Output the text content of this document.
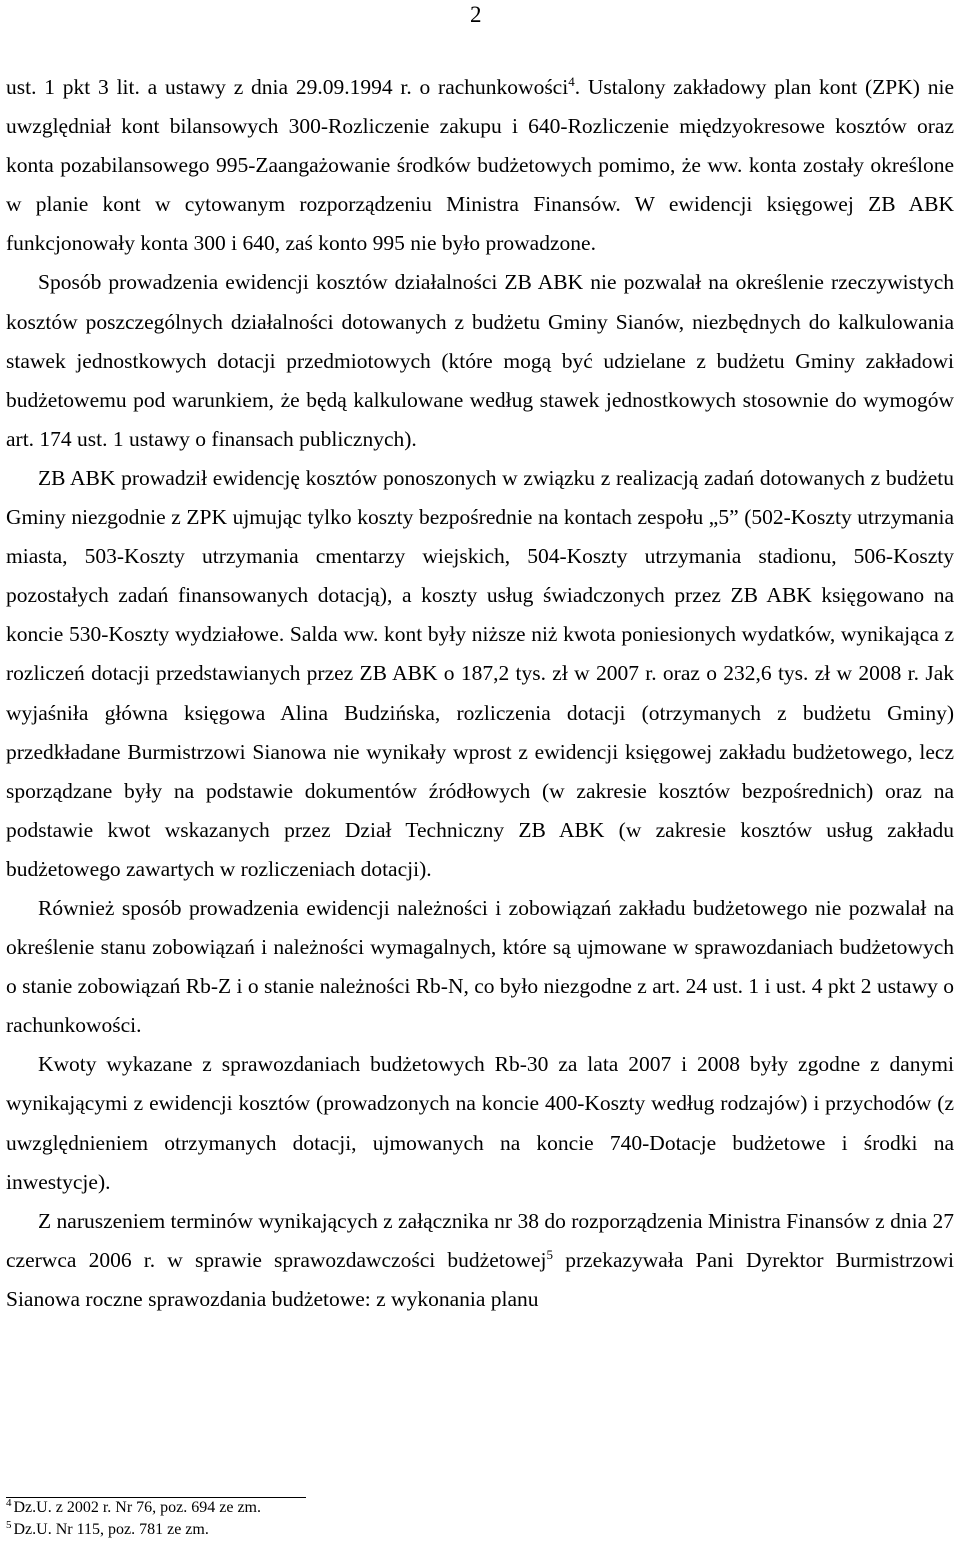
2

ust. 1 pkt 3 lit. a ustawy z dnia 29.09.1994 r. o rachunkowości$^4$. Ustalony zakładowy plan kont (ZPK) nie uwzględniał kont bilansowych 300-Rozliczenie zakupu i 640-Rozliczenie międzyokresowe kosztów oraz konta pozabilansowego 995-Zaangażowanie środków budżetowych pomimo, że ww. konta zostały określone w planie kont w cytowanym rozporządzeniu Ministra Finansów. W ewidencji księgowej ZB ABK funkcjonowały konta 300 i 640, zaś konto 995 nie było prowadzone.

Sposób prowadzenia ewidencji kosztów działalności ZB ABK nie pozwalał na określenie rzeczywistych kosztów poszczególnych działalności dotowanych z budżetu Gminy Sianów, niezbędnych do kalkulowania stawek jednostkowych dotacji przedmiotowych (które mogą być udzielane z budżetu Gminy zakładowi budżetowemu pod warunkiem, że będą kalkulowane według stawek jednostkowych stosownie do wymogów art. 174 ust. 1 ustawy o finansach publicznych).

ZB ABK prowadził ewidencję kosztów ponoszonych w związku z realizacją zadań dotowanych z budżetu Gminy niezgodnie z ZPK ujmując tylko koszty bezpośrednie na kontach zespołu „5” (502-Koszty utrzymania miasta, 503-Koszty utrzymania cmentarzy wiejskich, 504-Koszty utrzymania stadionu, 506-Koszty pozostałych zadań finansowanych dotacją), a koszty usług świadczonych przez ZB ABK księgowano na koncie 530-Koszty wydziałowe. Salda ww. kont były niższe niż kwota poniesionych wydatków, wynikająca z rozliczeń dotacji przedstawianych przez ZB ABK o 187,2 tys. zł w 2007 r. oraz o 232,6 tys. zł w 2008 r. Jak wyjaśniła główna księgowa Alina Budzińska, rozliczenia dotacji (otrzymanych z budżetu Gminy) przedkładane Burmistrzowi Sianowa nie wynikały wprost z ewidencji księgowej zakładu budżetowego, lecz sporządzane były na podstawie dokumentów źródłowych (w zakresie kosztów bezpośrednich) oraz na podstawie kwot wskazanych przez Dział Techniczny ZB ABK (w zakresie kosztów usług zakładu budżetowego zawartych w rozliczeniach dotacji).

Również sposób prowadzenia ewidencji należności i zobowiązań zakładu budżetowego nie pozwalał na określenie stanu zobowiązań i należności wymagalnych, które są ujmowane w sprawozdaniach budżetowych o stanie zobowiązań Rb-Z i o stanie należności Rb-N, co było niezgodne z art. 24 ust. 1 i ust. 4 pkt 2 ustawy o rachunkowości.

Kwoty wykazane z sprawozdaniach budżetowych Rb-30 za lata 2007 i 2008 były zgodne z danymi wynikającymi z ewidencji kosztów (prowadzonych na koncie 400-Koszty według rodzajów) i przychodów (z uwzględnieniem otrzymanych dotacji, ujmowanych na koncie 740-Dotacje budżetowe i środki na inwestycje).

Z naruszeniem terminów wynikających z załącznika nr 38 do rozporządzenia Ministra Finansów z dnia 27 czerwca 2006 r. w sprawie sprawozdawczości budżetowej$^5$ przekazywała Pani Dyrektor Burmistrzowi Sianowa roczne sprawozdania budżetowe: z wykonania planu

$^4$ Dz.U. z 2002 r. Nr 76, poz. 694 ze zm.

$^5$ Dz.U. Nr 115, poz. 781 ze zm.
